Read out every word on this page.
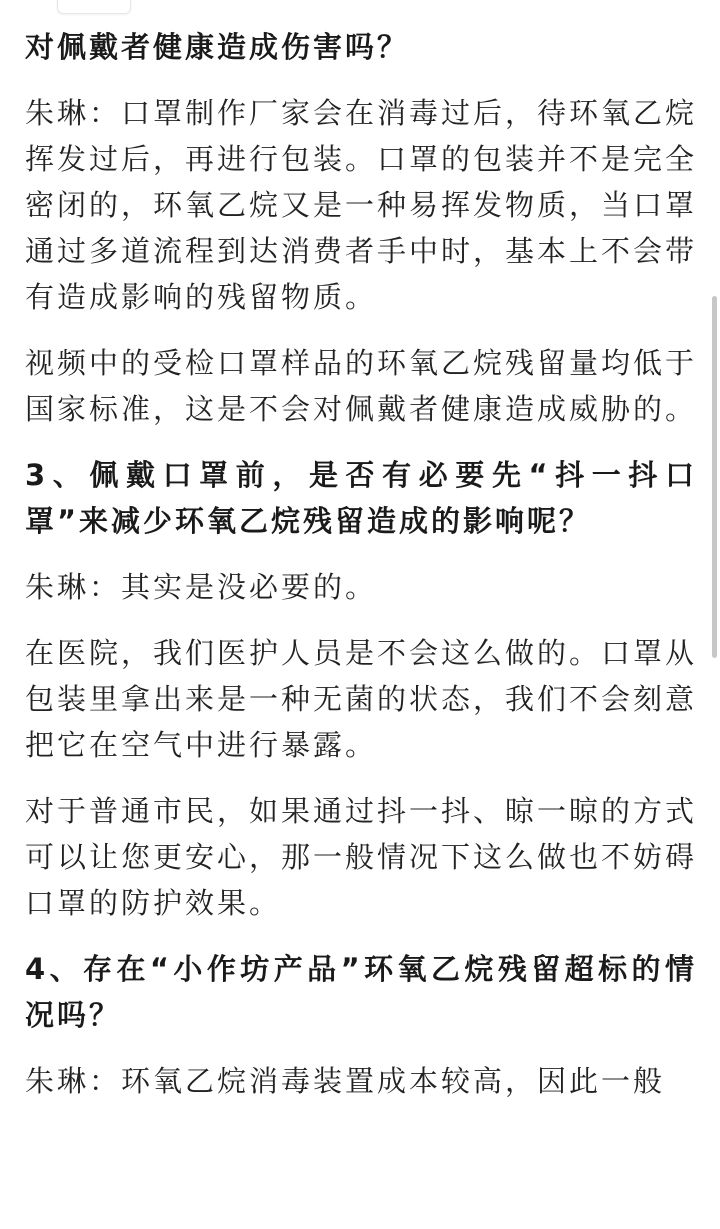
对佩戴者健康造成伤害吗？

朱琳：口罩制作厂家会在消毒过后，待环氧乙烷挥发过后，再进行包装。口罩的包装并不是完全密闭的，环氧乙烷又是一种易挥发物质，当口罩通过多道流程到达消费者手中时，基本上不会带有造成影响的残留物质。

视频中的受检口罩样品的环氧乙烷残留量均低于国家标准，这是不会对佩戴者健康造成威胁的。

3、佩戴口罩前，是否有必要先“抖一抖口罩”来减少环氧乙烷残留造成的影响呢？

朱琳：其实是没必要的。

在医院，我们医护人员是不会这么做的。口罩从包装里拿出来是一种无菌的状态，我们不会刻意把它在空气中进行暴露。

对于普通市民，如果通过抖一抖、晾一晾的方式可以让您更安心，那一般情况下这么做也不妨碍口罩的防护效果。

4、存在“小作坊产品”环氧乙烷残留超标的情况吗？

朱琳：环氧乙烷消毒装置成本较高，因此一般
